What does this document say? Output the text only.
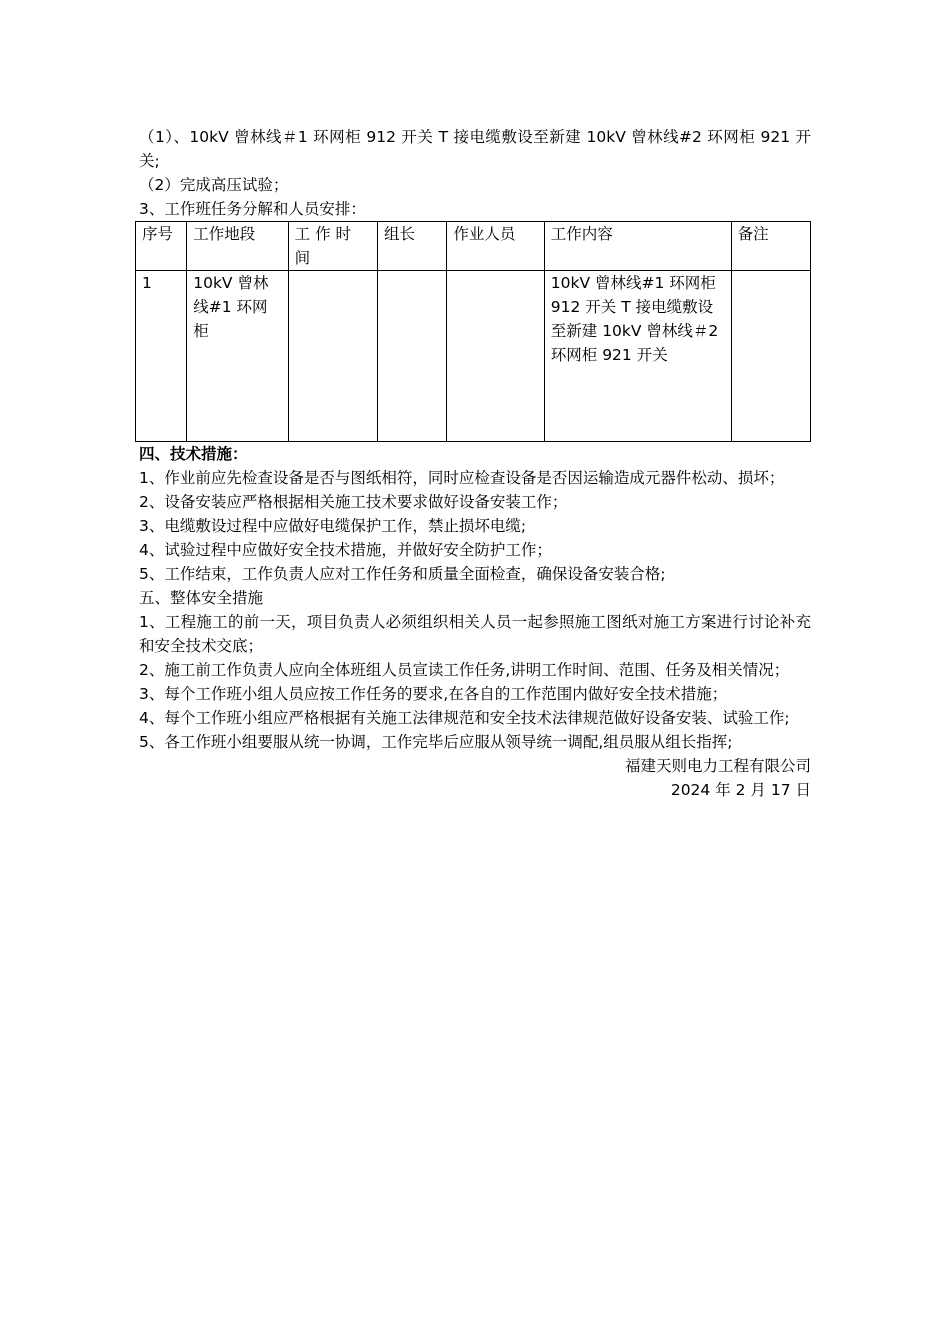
（1）、10kV 曾林线＃1 环网柜 912 开关 T 接电缆敷设至新建 10kV 曾林线#2 环网柜 921 开关;

（2）完成高压试验；

3、工作班任务分解和人员安排：

序号	工作地段	工 作 时 间	组长	作业人员	工作内容	备注
1	10kV 曾林线#1 环网柜				10kV 曾林线#1 环网柜 912 开关 T 接电缆敷设至新建 10kV 曾林线＃2 环网柜 921 开关	

四、技术措施：

1、作业前应先检查设备是否与图纸相符，同时应检查设备是否因运输造成元器件松动、损坏；

2、设备安装应严格根据相关施工技术要求做好设备安装工作；

3、电缆敷设过程中应做好电缆保护工作，禁止损坏电缆;

4、试验过程中应做好安全技术措施，并做好安全防护工作；

5、工作结束，工作负责人应对工作任务和质量全面检查，确保设备安装合格;

五、整体安全措施

1、工程施工的前一天，项目负责人必须组织相关人员一起参照施工图纸对施工方案进行讨论补充和安全技术交底；

2、施工前工作负责人应向全体班组人员宣读工作任务,讲明工作时间、范围、任务及相关情况；

3、每个工作班小组人员应按工作任务的要求,在各自的工作范围内做好安全技术措施；

4、每个工作班小组应严格根据有关施工法律规范和安全技术法律规范做好设备安装、试验工作;

5、各工作班小组要服从统一协调，工作完毕后应服从领导统一调配,组员服从组长指挥;

福建天则电力工程有限公司

2024 年 2 月 17 日
